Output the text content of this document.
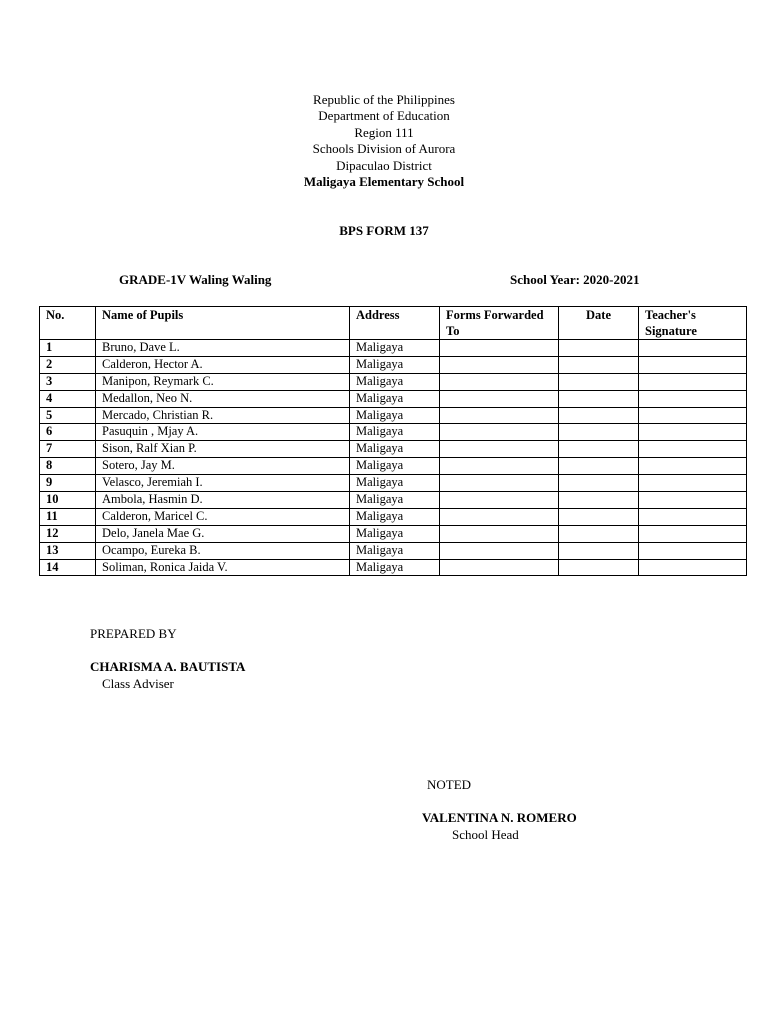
Republic of the Philippines
Department of Education
Region 111
Schools Division of Aurora
Dipaculao District
Maligaya Elementary School
BPS FORM 137
GRADE-1V Waling Waling	School Year: 2020-2021
No.	Name of Pupils	Address	Forms Forwarded To	Date	Teacher's Signature
1	Bruno, Dave L.	Maligaya			
2	Calderon, Hector A.	Maligaya			
3	Manipon, Reymark C.	Maligaya			
4	Medallon, Neo N.	Maligaya			
5	Mercado, Christian R.	Maligaya			
6	Pasuquin , Mjay A.	Maligaya			
7	Sison, Ralf Xian P.	Maligaya			
8	Sotero, Jay M.	Maligaya			
9	Velasco, Jeremiah I.	Maligaya			
10	Ambola, Hasmin D.	Maligaya			
11	Calderon, Maricel C.	Maligaya			
12	Delo, Janela Mae G.	Maligaya			
13	Ocampo, Eureka B.	Maligaya			
14	Soliman, Ronica Jaida V.	Maligaya			
PREPARED BY
CHARISMA A. BAUTISTA
Class Adviser
NOTED
VALENTINA N. ROMERO
School Head
